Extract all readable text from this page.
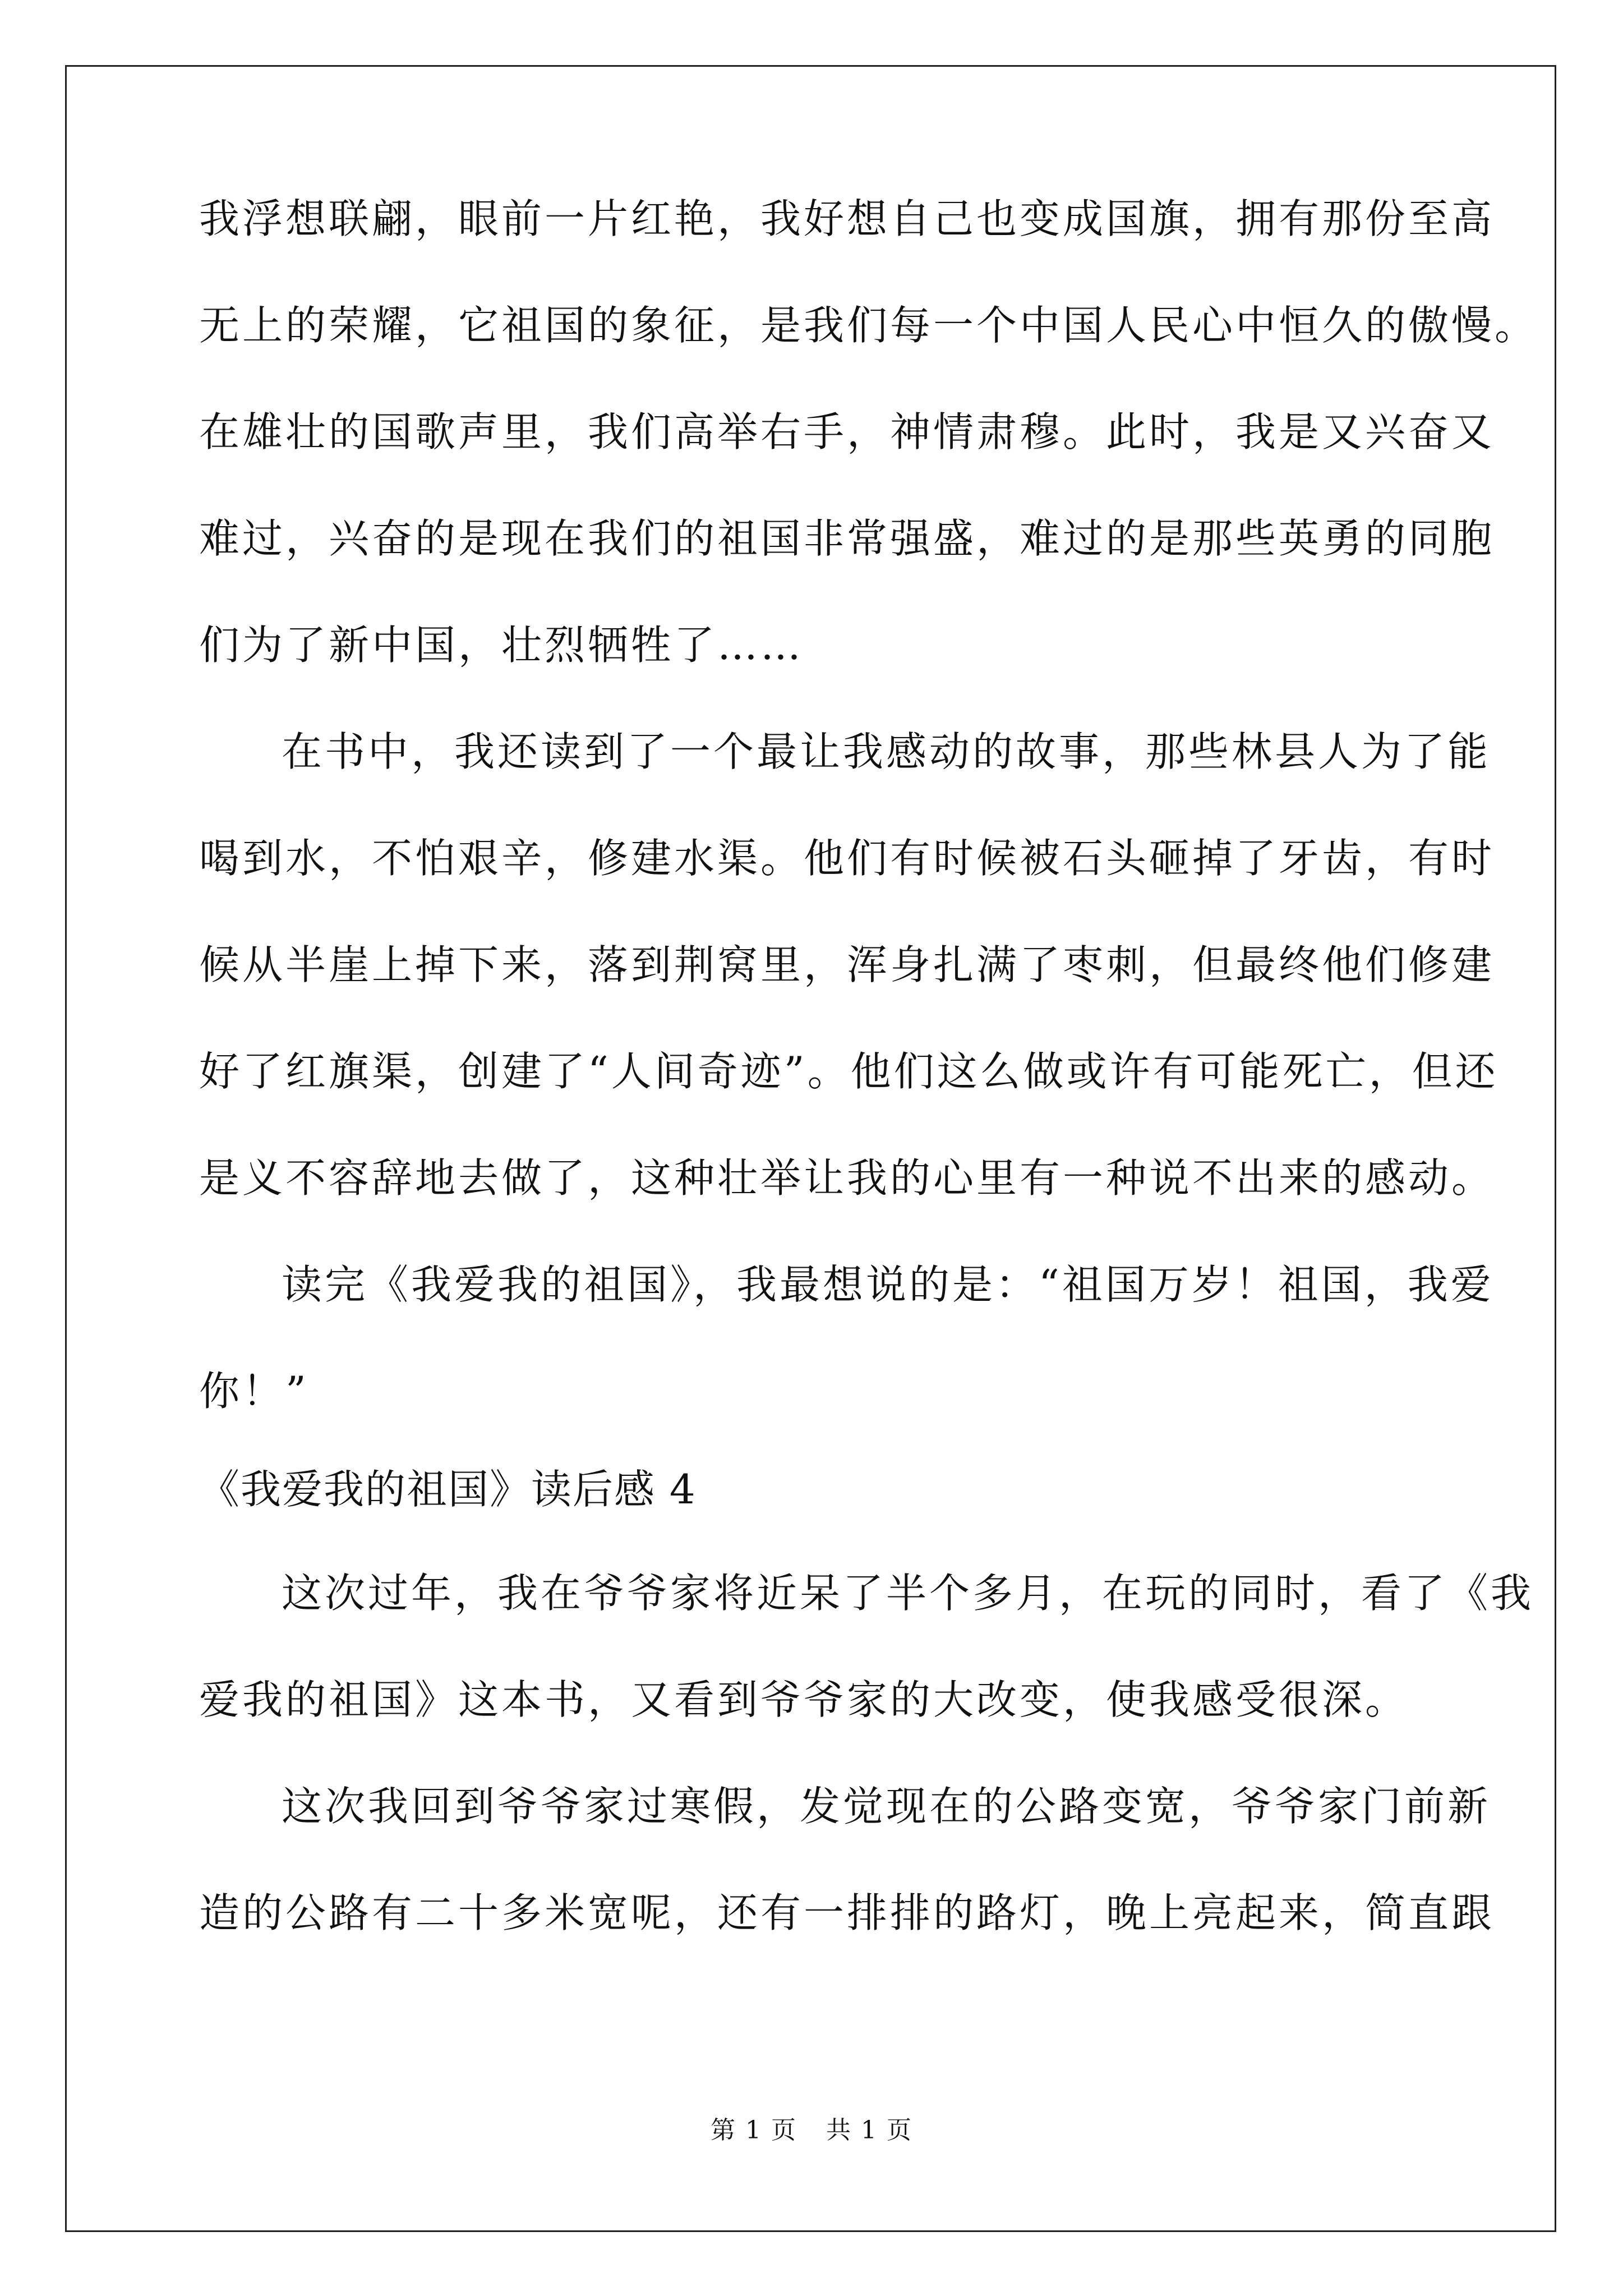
我浮想联翩，眼前一片红艳，我好想自己也变成国旗，拥有那份至高
无上的荣耀，它祖国的象征，是我们每一个中国人民心中恒久的傲慢。
在雄壮的国歌声里，我们高举右手，神情肃穆。此时，我是又兴奋又
难过，兴奋的是现在我们的祖国非常强盛，难过的是那些英勇的同胞
们为了新中国，壮烈牺牲了……
在书中，我还读到了一个最让我感动的故事，那些林县人为了能
喝到水，不怕艰辛，修建水渠。他们有时候被石头砸掉了牙齿，有时
候从半崖上掉下来，落到荆窝里，浑身扎满了枣刺，但最终他们修建
好了红旗渠，创建了“人间奇迹”。他们这么做或许有可能死亡，但还
是义不容辞地去做了，这种壮举让我的心里有一种说不出来的感动。
读完《我爱我的祖国》，我最想说的是：“祖国万岁！祖国，我爱
你！”
《我爱我的祖国》读后感 4
这次过年，我在爷爷家将近呆了半个多月，在玩的同时，看了《我
爱我的祖国》这本书，又看到爷爷家的大改变，使我感受很深。
这次我回到爷爷家过寒假，发觉现在的公路变宽，爷爷家门前新
造的公路有二十多米宽呢，还有一排排的路灯，晚上亮起来，简直跟
第 1 页 共 1 页
